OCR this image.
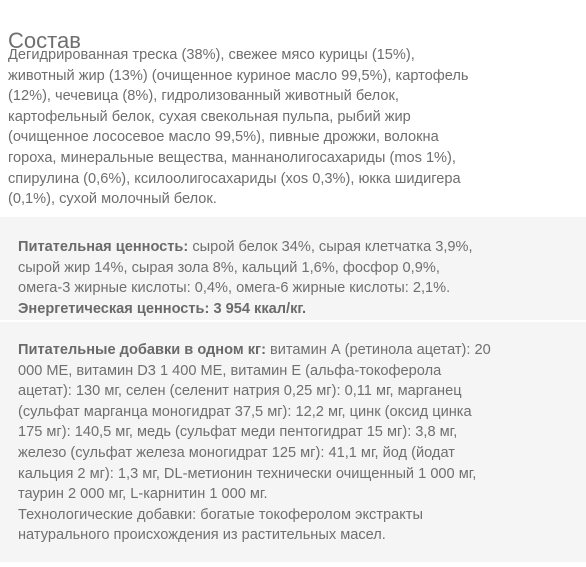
Состав
Дегидрированная треска (38%), свежее мясо курицы (15%),
животный жир (13%) (очищенное куриное масло 99,5%), картофель
(12%), чечевица (8%), гидролизованный животный белок,
картофельный белок, сухая свекольная пульпа, рыбий жир
(очищенное лососевое масло 99,5%), пивные дрожжи, волокна
гороха, минеральные вещества, маннанолигосахариды (mos 1%),
спирулина (0,6%), ксилоолигосахариды (xos 0,3%), юкка шидигера
(0,1%), сухой молочный белок.
Питательная ценность: сырой белок 34%, сырая клетчатка 3,9%,
сырой жир 14%, сырая зола 8%, кальций 1,6%, фосфор 0,9%,
омега-3 жирные кислоты: 0,4%, омега-6 жирные кислоты: 2,1%.
Энергетическая ценность: 3 954 ккал/кг.
Питательные добавки в одном кг: витамин А (ретинола ацетат): 20
000 МЕ, витамин D3 1 400 МЕ, витамин Е (альфа-токоферола
ацетат): 130 мг, селен (селенит натрия 0,25 мг): 0,11 мг, марганец
(сульфат марганца моногидрат 37,5 мг): 12,2 мг, цинк (оксид цинка
175 мг): 140,5 мг, медь (сульфат меди пентогидрат 15 мг): 3,8 мг,
железо (сульфат железа моногидрат 125 мг): 41,1 мг, йод (йодат
кальция 2 мг): 1,3 мг, DL-метионин технически очищенный 1 000 мг,
таурин 2 000 мг, L-карнитин 1 000 мг.
Технологические добавки: богатые токоферолом экстракты
натурального происхождения из растительных масел.
